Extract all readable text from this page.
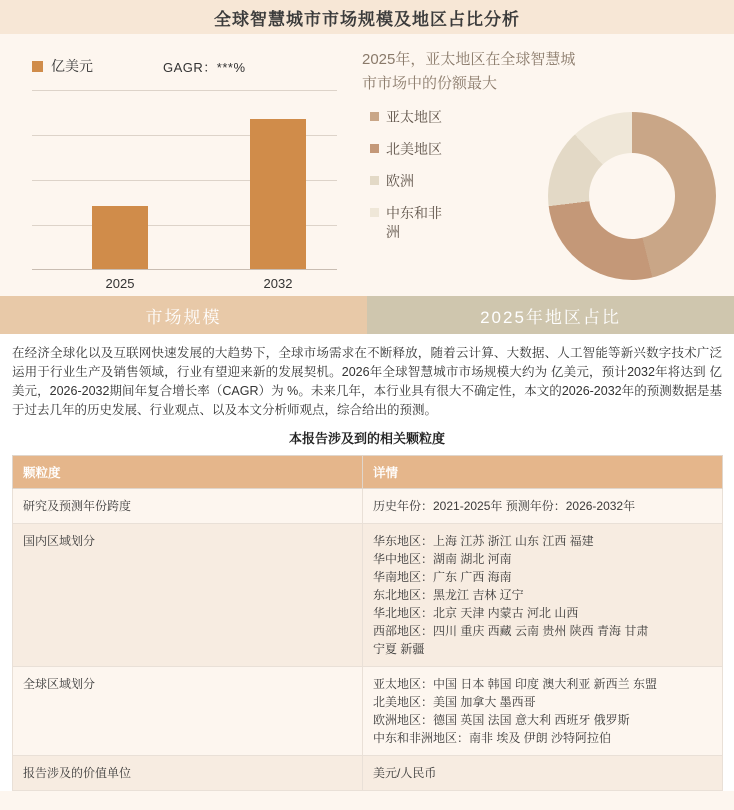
全球智慧城市市场规模及地区占比分析
亿美元	GAGR：***%
2025	2032
2025年，亚太地区在全球智慧城市市场中的份额最大
亚太地区
北美地区
欧洲
中东和非洲
市场规模	2025年地区占比

在经济全球化以及互联网快速发展的大趋势下，全球市场需求在不断释放，随着云计算、大数据、人工智能等新兴数字技术广泛运用于行业生产及销售领域，行业有望迎来新的发展契机。2026年全球智慧城市市场规模大约为 亿美元，预计2032年将达到 亿美元，2026-2032期间年复合增长率（CAGR）为 %。未来几年，本行业具有很大不确定性，本文的2026-2032年的预测数据是基于过去几年的历史发展、行业观点、以及本文分析师观点，综合给出的预测。

本报告涉及到的相关颗粒度
颗粒度	详情
研究及预测年份跨度	历史年份：2021-2025年 预测年份：2026-2032年

国内区域划分	华东地区：上海 江苏 浙江 山东 江西 福建
华中地区：湖南 湖北 河南
华南地区：广东 广西 海南
东北地区：黑龙江 吉林 辽宁
华北地区：北京 天津 内蒙古 河北 山西
西部地区：四川 重庆 西藏 云南 贵州 陕西 青海 甘肃
宁夏 新疆

全球区域划分	亚太地区：中国 日本 韩国 印度 澳大利亚 新西兰 东盟
北美地区：美国 加拿大 墨西哥
欧洲地区：德国 英国 法国 意大利 西班牙 俄罗斯
中东和非洲地区：南非 埃及 伊朗 沙特阿拉伯

报告涉及的价值单位	美元/人民币
